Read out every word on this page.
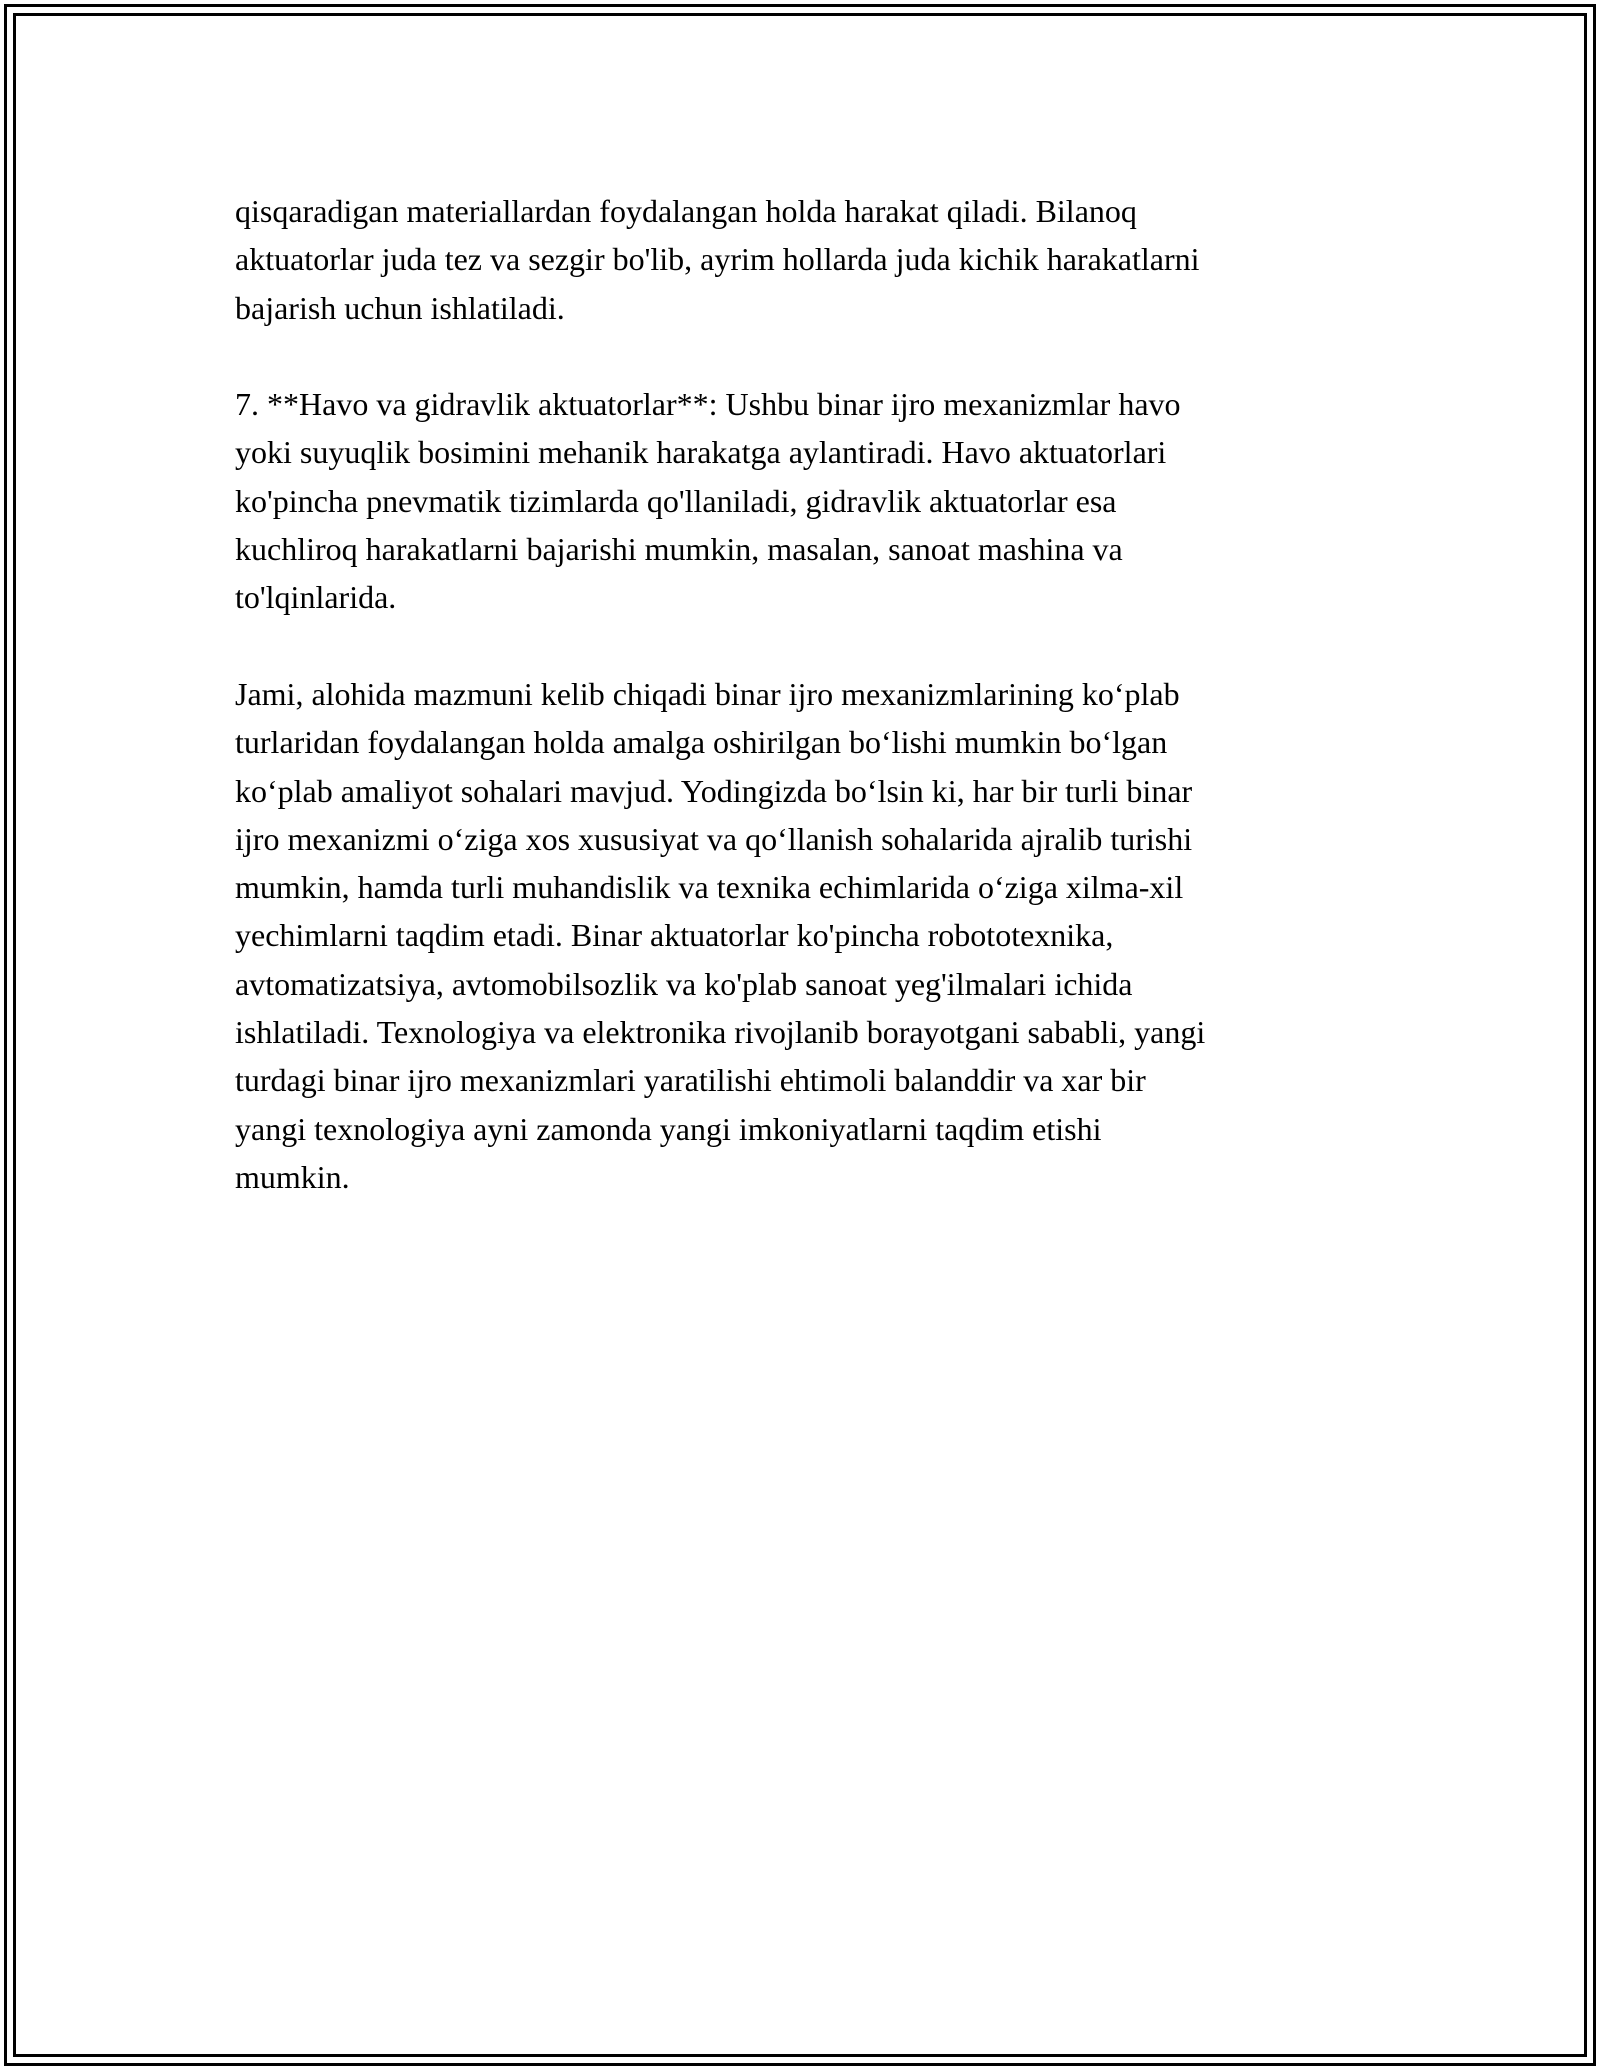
qisqaradigan materiallardan foydalangan holda harakat qiladi. Bilanoq
aktuatorlar juda tez va sezgir bo'lib, ayrim hollarda juda kichik harakatlarni
bajarish uchun ishlatiladi.

7. **Havo va gidravlik aktuatorlar**: Ushbu binar ijro mexanizmlar havo
yoki suyuqlik bosimini mehanik harakatga aylantiradi. Havo aktuatorlari
ko'pincha pnevmatik tizimlarda qo'llaniladi, gidravlik aktuatorlar esa
kuchliroq harakatlarni bajarishi mumkin, masalan, sanoat mashina va
to'lqinlarida.

Jami, alohida mazmuni kelib chiqadi binar ijro mexanizmlarining koʻplab
turlaridan foydalangan holda amalga oshirilgan boʻlishi mumkin boʻlgan
koʻplab amaliyot sohalari mavjud. Yodingizda boʻlsin ki, har bir turli binar
ijro mexanizmi oʻziga xos xususiyat va qoʻllanish sohalarida ajralib turishi
mumkin, hamda turli muhandislik va texnika echimlarida oʻziga xilma-xil
yechimlarni taqdim etadi. Binar aktuatorlar ko'pincha robototexnika,
avtomatizatsiya, avtomobilsozlik va ko'plab sanoat yeg'ilmalari ichida
ishlatiladi. Texnologiya va elektronika rivojlanib borayotgani sababli, yangi
turdagi binar ijro mexanizmlari yaratilishi ehtimoli balanddir va xar bir
yangi texnologiya ayni zamonda yangi imkoniyatlarni taqdim etishi
mumkin.
